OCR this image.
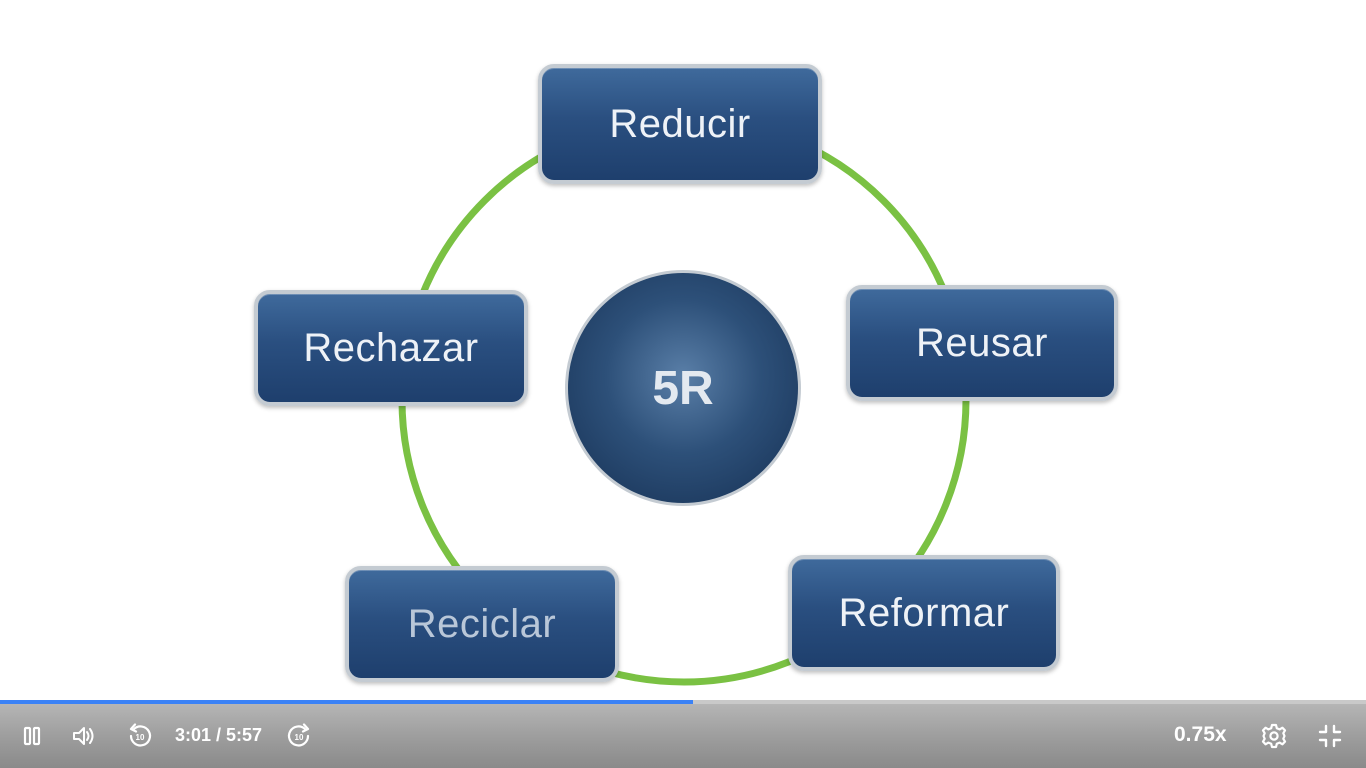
Reducir
Reusar
Reformar
Reciclar
Rechazar
5R
10 3:01 / 5:57	10	0.75x
